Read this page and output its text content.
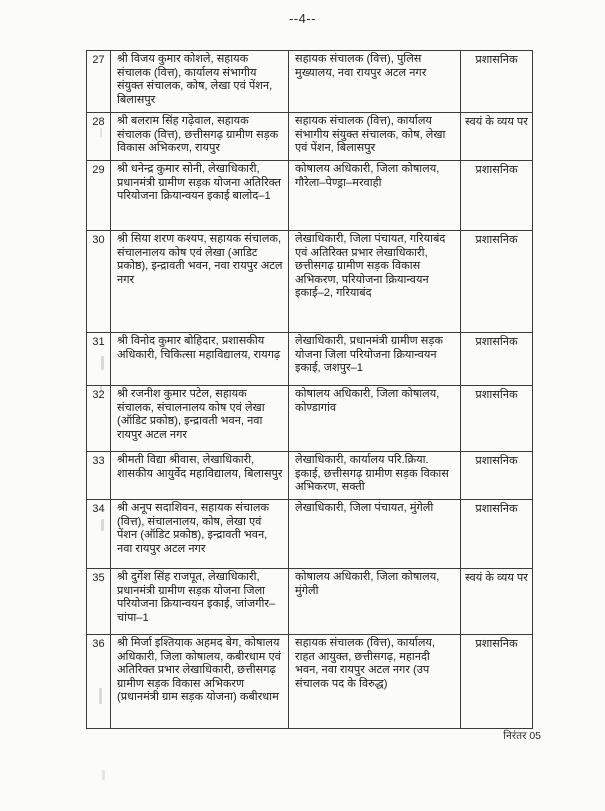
--4--
27	श्री विजय कुमार कोशले, सहायक संचालक (वित्त), कार्यालय संभागीय संयुक्त संचालक, कोष, लेखा एवं पेंशन, बिलासपुर	सहायक संचालक (वित्त), पुलिस मुख्यालय, नवा रायपुर अटल नगर	प्रशासनिक
28	श्री बलराम सिंह गढ़ेवाल, सहायक संचालक (वित्त), छत्तीसगढ़ ग्रामीण सड़क विकास अभिकरण, रायपुर	सहायक संचालक (वित्त), कार्यालय संभागीय संयुक्त संचालक, कोष, लेखा एवं पेंशन, बिलासपुर	स्वयं के व्यय पर
29	श्री धनेन्द्र कुमार सोनी, लेखाधिकारी, प्रधानमंत्री ग्रामीण सड़क योजना अतिरिक्त परियोजना क्रियान्वयन इकाई बालोद–1	कोषालय अधिकारी, जिला कोषालय, गौरेला–पेण्ड्रा–मरवाही	प्रशासनिक
30	श्री सिया शरण कश्यप, सहायक संचालक, संचालनालय कोष एवं लेखा (आडिट प्रकोष्ठ), इन्द्रावती भवन, नवा रायपुर अटल नगर	लेखाधिकारी, जिला पंचायत, गरियाबंद एवं अतिरिक्त प्रभार लेखाधिकारी, छत्तीसगढ़ ग्रामीण सड़क विकास अभिकरण, परियोजना क्रियान्वयन इकाई–2, गरियाबंद	प्रशासनिक
31	श्री विनोद कुमार बोहिदार, प्रशासकीय अधिकारी, चिकित्सा महाविद्यालय, रायगढ़	लेखाधिकारी, प्रधानमंत्री ग्रामीण सड़क योजना जिला परियोजना क्रियान्वयन इकाई, जशपुर–1	प्रशासनिक
32	श्री रजनीश कुमार पटेल, सहायक संचालक, संचालनालय कोष एवं लेखा (ऑडिट प्रकोष्ठ), इन्द्रावती भवन, नवा रायपुर अटल नगर	कोषालय अधिकारी, जिला कोषालय, कोण्डागांव	प्रशासनिक
33	श्रीमती विद्या श्रीवास, लेखाधिकारी, शासकीय आयुर्वेद महाविद्यालय, बिलासपुर	लेखाधिकारी, कार्यालय परि.क्रिया. इकाई, छत्तीसगढ़ ग्रामीण सड़क विकास अभिकरण, सक्ती	प्रशासनिक
34	श्री अनूप सदाशिवन, सहायक संचालक (वित्त), संचालनालय, कोष, लेखा एवं पेंशन (ऑडिट प्रकोष्ठ), इन्द्रावती भवन, नवा रायपुर अटल नगर	लेखाधिकारी, जिला पंचायत, मुंगेली	प्रशासनिक
35	श्री दुर्गेश सिंह राजपूत, लेखाधिकारी, प्रधानमंत्री ग्रामीण सड़क योजना जिला परियोजना क्रियान्वयन इकाई, जांजगीर–चांपा–1	कोषालय अधिकारी, जिला कोषालय, मुंगेली	स्वयं के व्यय पर
36	श्री मिर्जा इश्तियाक अहमद बेग, कोषालय अधिकारी, जिला कोषालय, कबीरधाम एवं अतिरिक्त प्रभार लेखाधिकारी, छत्तीसगढ़ ग्रामीण सड़क विकास अभिकरण (प्रधानमंत्री ग्राम सड़क योजना) कबीरधाम	सहायक संचालक (वित्त), कार्यालय, राहत आयुक्त, छत्तीसगढ़, महानदी भवन, नवा रायपुर अटल नगर (उप संचालक पद के विरुद्ध)	प्रशासनिक
निरंतर 05
